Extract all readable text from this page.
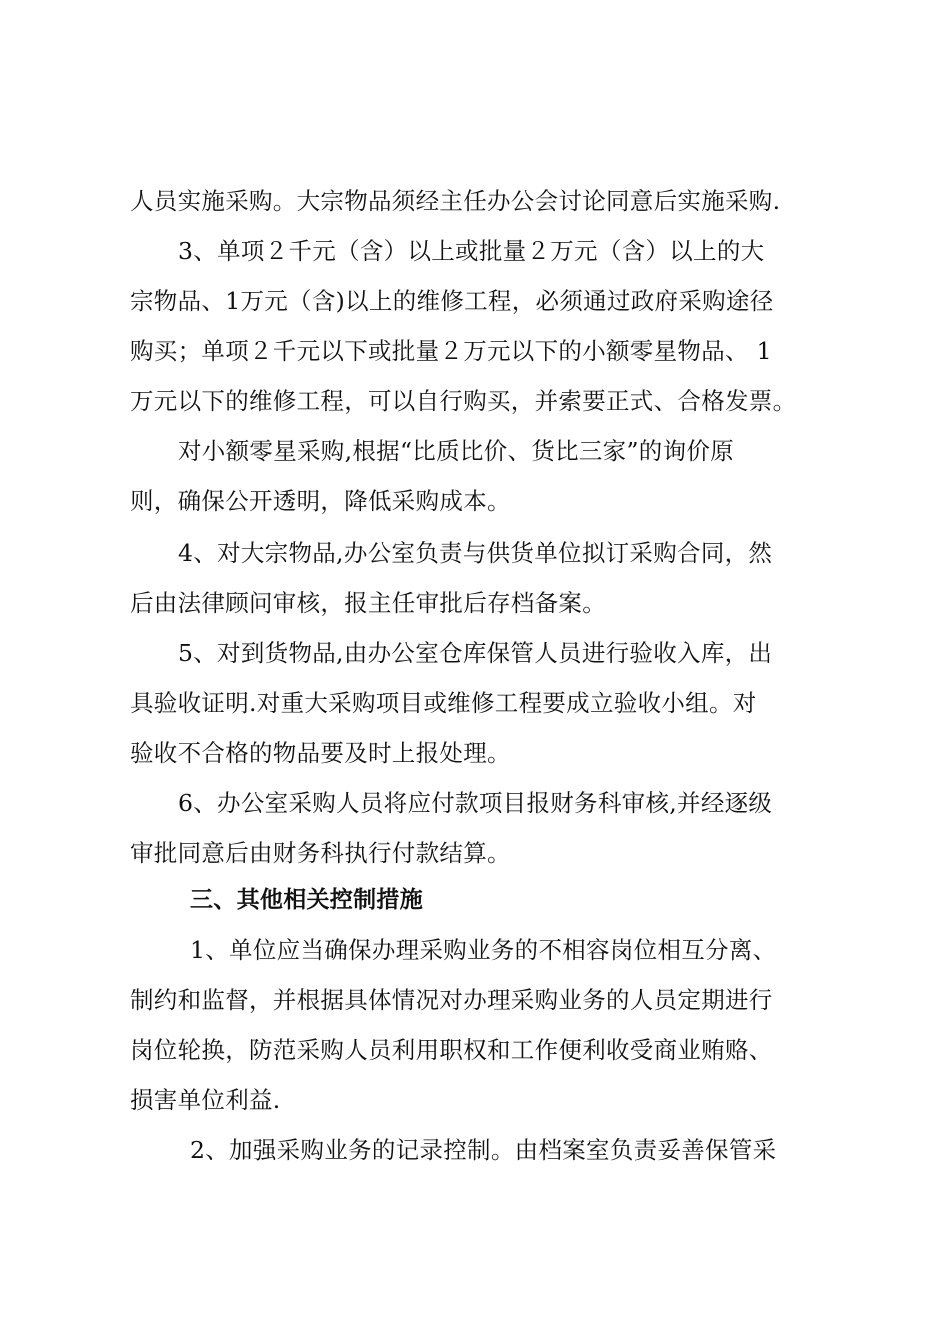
人员实施采购。大宗物品须经主任办公会讨论同意后实施采购.
3、单项２千元（含）以上或批量２万元（含）以上的大
宗物品、1万元（含)以上的维修工程，必须通过政府采购途径
购买；单项２千元以下或批量２万元以下的小额零星物品、 1
万元以下的维修工程，可以自行购买，并索要正式、合格发票。
对小额零星采购,根据“比质比价、货比三家”的询价原
则，确保公开透明，降低采购成本。
4、对大宗物品,办公室负责与供货单位拟订采购合同，然
后由法律顾问审核，报主任审批后存档备案。
5、对到货物品,由办公室仓库保管人员进行验收入库，出
具验收证明.对重大采购项目或维修工程要成立验收小组。对
验收不合格的物品要及时上报处理。
6、办公室采购人员将应付款项目报财务科审核,并经逐级
审批同意后由财务科执行付款结算。
三、其他相关控制措施
1、单位应当确保办理采购业务的不相容岗位相互分离、
制约和监督，并根据具体情况对办理采购业务的人员定期进行
岗位轮换，防范采购人员利用职权和工作便利收受商业贿赂、
损害单位利益.
2、加强采购业务的记录控制。由档案室负责妥善保管采
